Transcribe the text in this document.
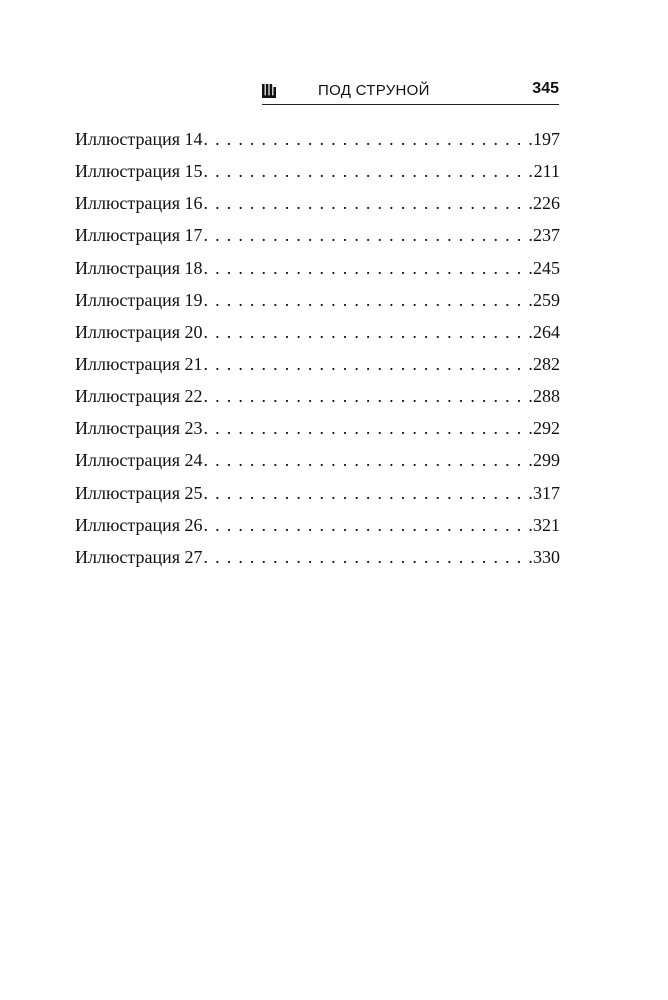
ПОД СТРУНОЙ	345
Иллюстрация 14 . . .	197
Иллюстрация 15 . . .	211
Иллюстрация 16 . . .	226
Иллюстрация 17 . . .	237
Иллюстрация 18 . . .	245
Иллюстрация 19 . . .	259
Иллюстрация 20 . . .	264
Иллюстрация 21 . . .	282
Иллюстрация 22 . . .	288
Иллюстрация 23 . . .	292
Иллюстрация 24 . . .	299
Иллюстрация 25 . . .	317
Иллюстрация 26 . . .	321
Иллюстрация 27 . . .	330
